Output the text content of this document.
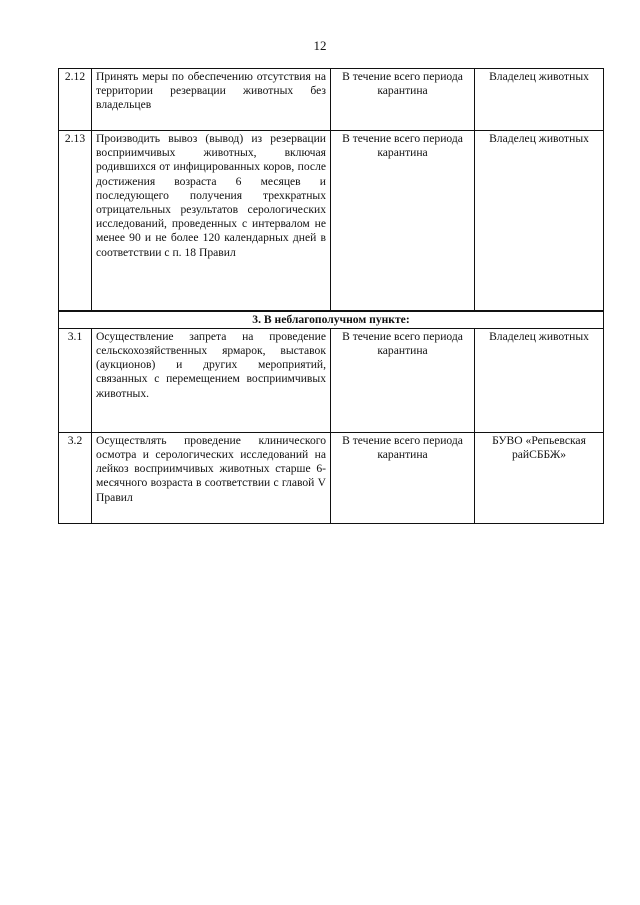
12
2.12	Принять меры по обеспечению отсутствия на территории резервации животных без владельцев	В течение всего периода карантина	Владелец животных
2.13	Производить вывоз (вывод) из резервации восприимчивых животных, включая родившихся от инфицированных коров, после достижения возраста 6 месяцев и последующего получения трехкратных отрицательных результатов серологических исследований, проведенных с интервалом не менее 90 и не более 120 календарных дней в соответствии с п. 18 Правил	В течение всего периода карантина	Владелец животных
3. В неблагополучном пункте:			
3.1	Осуществление запрета на проведение сельскохозяйственных ярмарок, выставок (аукционов) и других мероприятий, связанных с перемещением восприимчивых животных.	В течение всего периода карантина	Владелец животных
3.2	Осуществлять проведение клинического осмотра и серологических исследований на лейкоз восприимчивых животных старше 6-месячного возраста в соответствии с главой V Правил	В течение всего периода карантина	БУВО «Репьевская райСББЖ»
